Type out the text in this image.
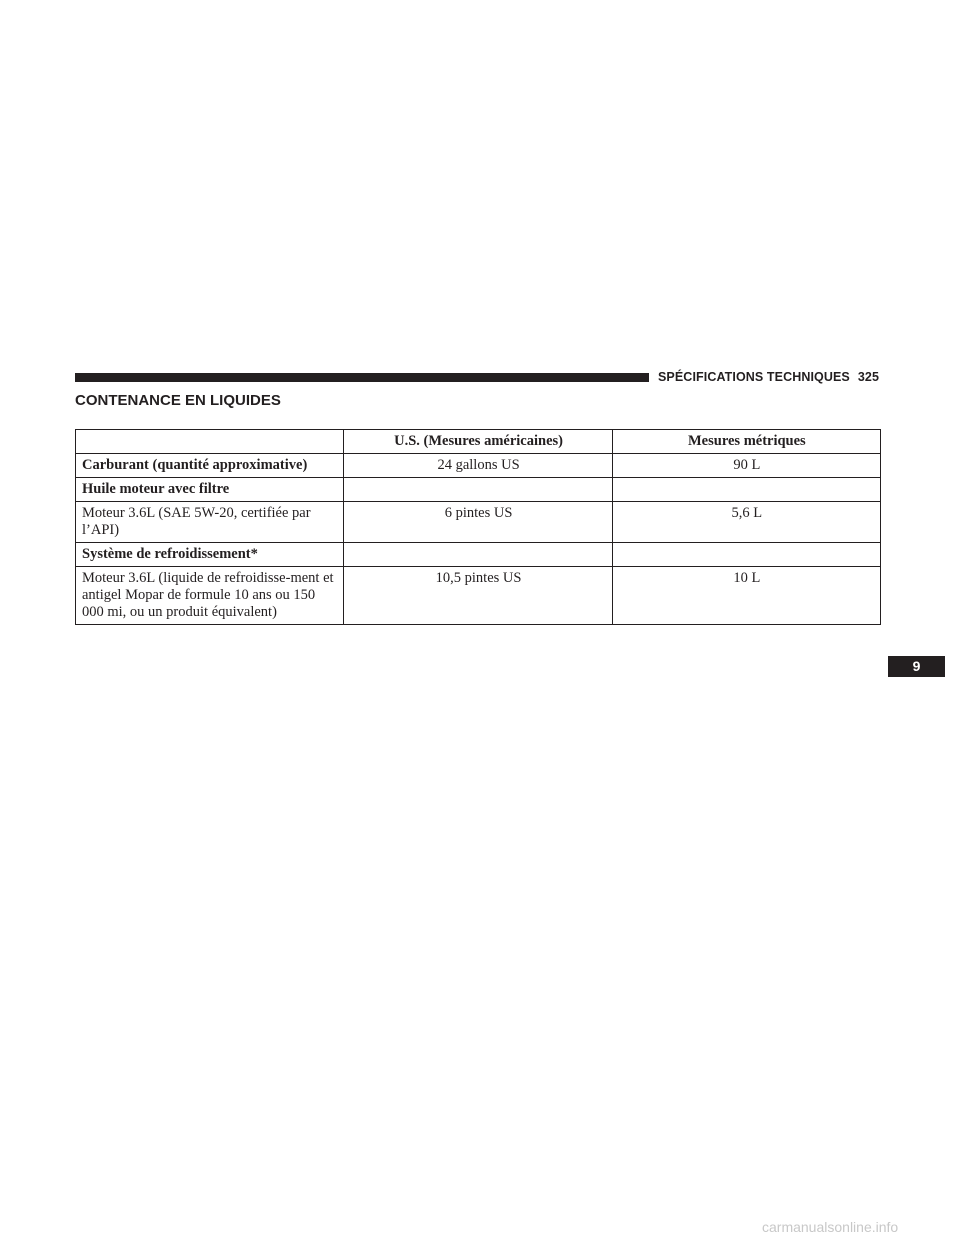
SPÉCIFICATIONS TECHNIQUES 325
CONTENANCE EN LIQUIDES
	U.S. (Mesures américaines)	Mesures métriques
Carburant (quantité approximative)	24 gallons US	90 L
Huile moteur avec filtre		
Moteur 3.6L (SAE 5W-20, certifiée par l’API)	6 pintes US	5,6 L
Système de refroidissement*		
Moteur 3.6L (liquide de refroidisse-ment et antigel Mopar de formule 10 ans ou 150 000 mi, ou un produit équivalent)	10,5 pintes US	10 L
9
carmanualsonline.info
